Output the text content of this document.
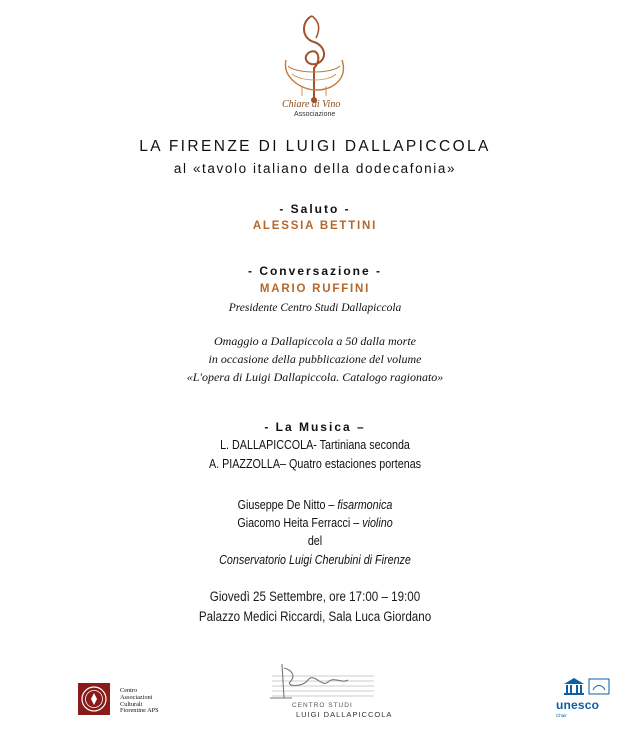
Chiare di Vino
Associazione
LA FIRENZE DI LUIGI DALLAPICCOLA
al «tavolo italiano della dodecafonia»
- Saluto -
ALESSIA BETTINI
- Conversazione -
MARIO RUFFINI
Presidente Centro Studi Dallapiccola
Omaggio a Dallapiccola a 50 dalla morte
in occasione della pubblicazione del volume
«L'opera di Luigi Dallapiccola. Catalogo ragionato»
- La Musica –
L. DALLAPICCOLA- Tartiniana seconda
A. PIAZZOLLA– Quatro estaciones portenas
Giuseppe De Nitto – fisarmonica
Giacomo Heita Ferracci – violino
del
Conservatorio Luigi Cherubini di Firenze
Giovedì 25 Settembre, ore 17:00 – 19:00
Palazzo Medici Riccardi, Sala Luca Giordano
Centro
Associazioni
Culturali
Fiorentine APS
CENTRO STUDI
LUIGI DALLAPICCOLA
unesco
Chair
